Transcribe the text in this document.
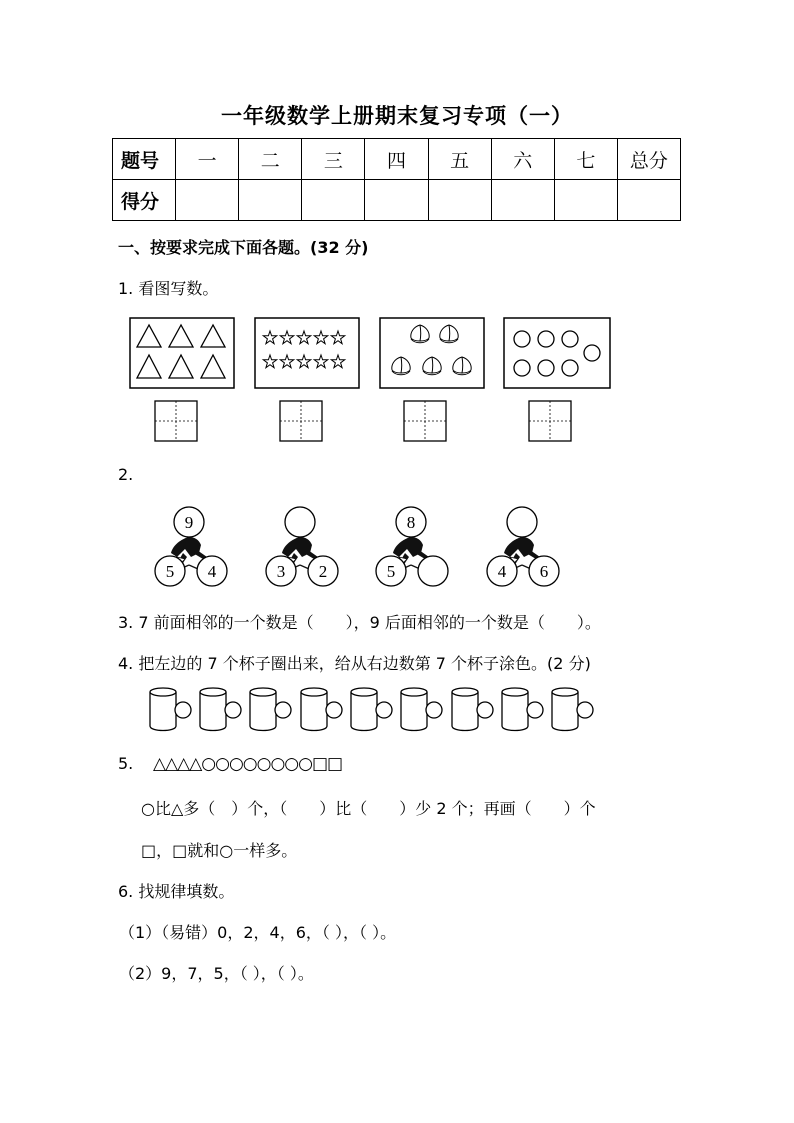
一年级数学上册期末复习专项（一）
题号	一	二	三	四	五	六	七	总分
得分								
一、按要求完成下面各题。(32 分)
1. 看图写数。
2.
9
5 4	3 2
8
5	4 6
3. 7 前面相邻的一个数是（　　），9 后面相邻的一个数是（　　）。
4. 把左边的 7 个杯子圈出来，给从右边数第 7 个杯子涂色。(2 分)
5. △△△△○○○○○○○○□□
○比△多（　）个，（　　）比（　　）少 2 个；再画（　　）个
□，□就和○一样多。
6. 找规律填数。
（1）（易错）0，2，4，6，（ ），（ ）。
（2）9，7，5，（ ），（ ）。
